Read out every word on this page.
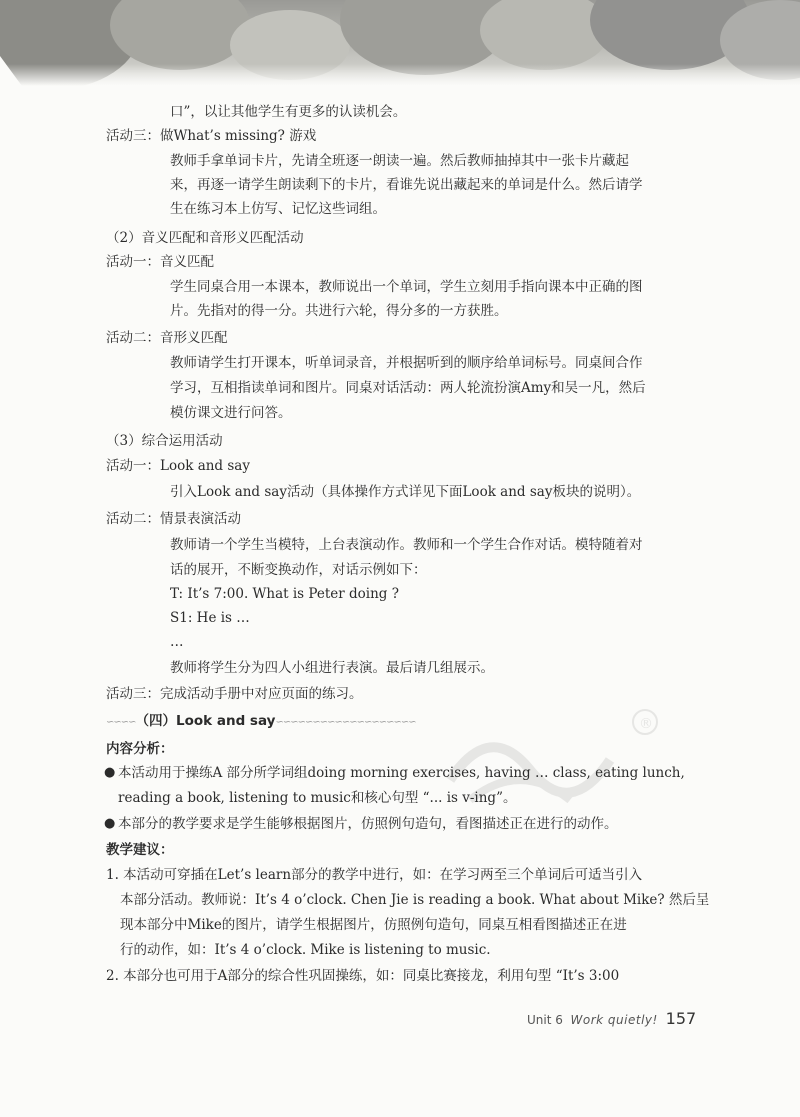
口”，以让其他学生有更多的认读机会。
活动三：做What’s missing? 游戏
教师手拿单词卡片，先请全班逐一朗读一遍。然后教师抽掉其中一张卡片藏起
来，再逐一请学生朗读剩下的卡片，看谁先说出藏起来的单词是什么。然后请学
生在练习本上仿写、记忆这些词组。
（2）音义匹配和音形义匹配活动
活动一：音义匹配
学生同桌合用一本课本，教师说出一个单词，学生立刻用手指向课本中正确的图
片。先指对的得一分。共进行六轮，得分多的一方获胜。
活动二：音形义匹配
教师请学生打开课本，听单词录音，并根据听到的顺序给单词标号。同桌间合作
学习，互相指读单词和图片。同桌对话活动：两人轮流扮演Amy和吴一凡，然后
模仿课文进行问答。
（3）综合运用活动
活动一：Look and say
引入Look and say活动（具体操作方式详见下面Look and say板块的说明）。
活动二：情景表演活动
教师请一个学生当模特，上台表演动作。教师和一个学生合作对话。模特随着对
话的展开，不断变换动作，对话示例如下：
T: It’s 7:00. What is Peter doing ?
S1: He is …
…
教师将学生分为四人小组进行表演。最后请几组展示。
活动三：完成活动手册中对应页面的练习。
∽∽∽∽（四）Look and say∽∽∽∽∽∽∽∽∽∽∽∽∽∽∽∽∽∽∽	®
内容分析：
● 本活动用于操练A 部分所学词组doing morning exercises, having … class, eating lunch,
reading a book, listening to music和核心句型 “... is v-ing”。
● 本部分的教学要求是学生能够根据图片，仿照例句造句，看图描述正在进行的动作。
教学建议：
1. 本活动可穿插在Let’s learn部分的教学中进行，如：在学习两至三个单词后可适当引入
本部分活动。教师说：It’s 4 o’clock. Chen Jie is reading a book. What about Mike? 然后呈
现本部分中Mike的图片，请学生根据图片，仿照例句造句，同桌互相看图描述正在进
行的动作，如：It’s 4 o’clock. Mike is listening to music.
2. 本部分也可用于A部分的综合性巩固操练，如：同桌比赛接龙，利用句型 “It’s 3:00
Unit 6 Work quietly! 157
